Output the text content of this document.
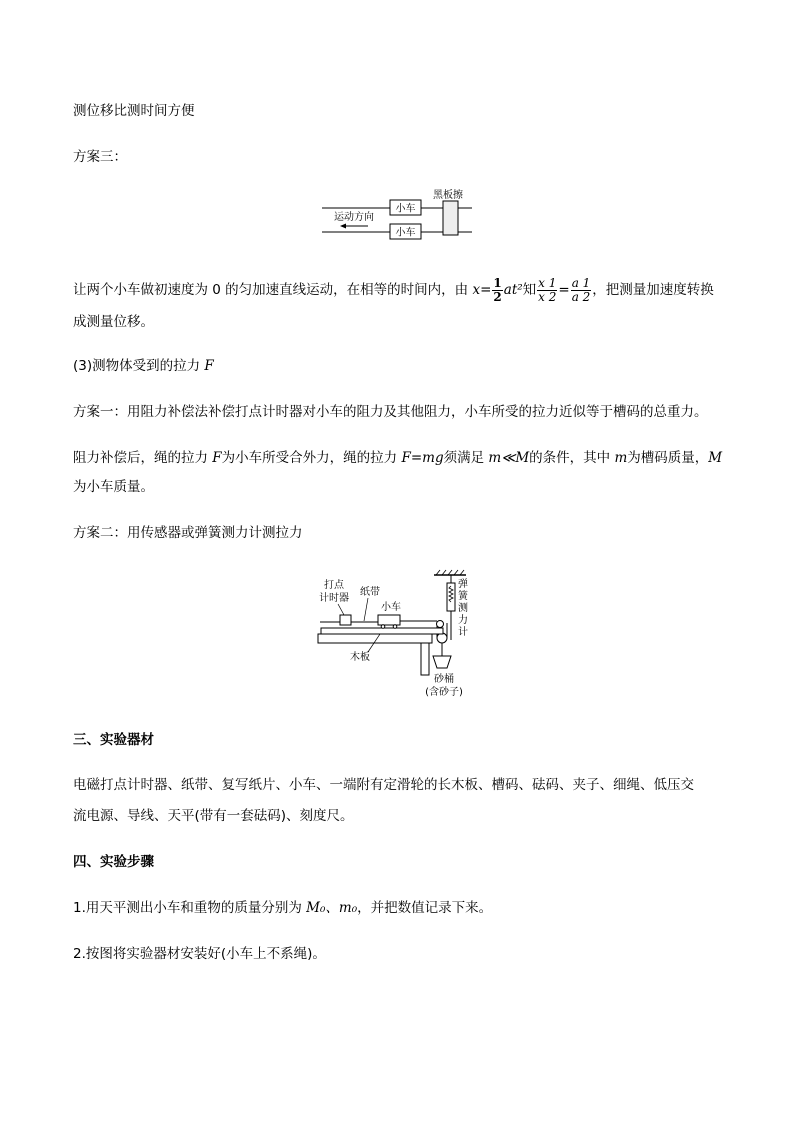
测位移比测时间方便
方案三：
小车
小车
黑板擦
运动方向
让两个小车做初速度为 0 的匀加速直线运动，在相等的时间内，由 $x= \frac{1}{2} at^2$知 $\frac{x 1}{x 2} = \frac{a 1}{a 2}$ ，把测量加速度转换
成测量位移。
(3)测物体受到的拉力 F
方案一：用阻力补偿法补偿打点计时器对小车的阻力及其他阻力，小车所受的拉力近似等于槽码的总重力。
阻力补偿后，绳的拉力 F为小车所受合外力，绳的拉力 F=mg须满足 m≪M的条件，其中 m为槽码质量，M
为小车质量。
方案二：用传感器或弹簧测力计测拉力
打点
计时器
纸带
小车
木板
弹
簧
测
力
计
砂桶
(含砂子)
三、实验器材
电磁打点计时器、纸带、复写纸片、小车、一端附有定滑轮的长木板、槽码、砝码、夹子、细绳、低压交
流电源、导线、天平(带有一套砝码)、刻度尺。
四、实验步骤
1.用天平测出小车和重物的质量分别为 M₀、m₀，并把数值记录下来。
2.按图将实验器材安装好(小车上不系绳)。
